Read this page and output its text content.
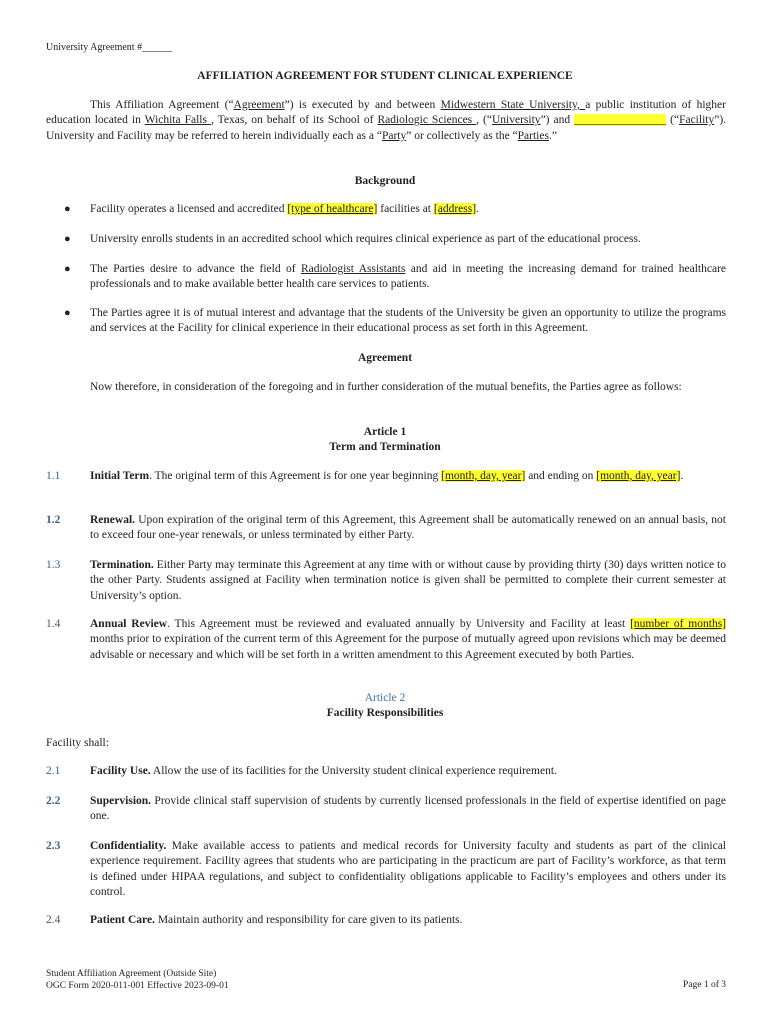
University Agreement #______
AFFILIATION AGREEMENT FOR STUDENT CLINICAL EXPERIENCE
This Affiliation Agreement (“Agreement”) is executed by and between Midwestern State University, a public institution of higher education located in Wichita Falls , Texas, on behalf of its School of Radiologic Sciences , (“University”) and ________________ (“Facility”). University and Facility may be referred to herein individually each as a “Party” or collectively as the “Parties.”
Background
● Facility operates a licensed and accredited [type of healthcare] facilities at [address].
● University enrolls students in an accredited school which requires clinical experience as part of the educational process.
● The Parties desire to advance the field of Radiologist Assistants and aid in meeting the increasing demand for trained healthcare professionals and to make available better health care services to patients.
● The Parties agree it is of mutual interest and advantage that the students of the University be given an opportunity to utilize the programs and services at the Facility for clinical experience in their educational process as set forth in this Agreement.
Agreement
Now therefore, in consideration of the foregoing and in further consideration of the mutual benefits, the Parties agree as follows:
Article 1
Term and Termination
1.1	Initial Term. The original term of this Agreement is for one year beginning [month, day, year] and ending on [month, day, year].
1.2	Renewal. Upon expiration of the original term of this Agreement, this Agreement shall be automatically renewed on an annual basis, not to exceed four one-year renewals, or unless terminated by either Party.
1.3	Termination. Either Party may terminate this Agreement at any time with or without cause by providing thirty (30) days written notice to the other Party. Students assigned at Facility when termination notice is given shall be permitted to complete their current semester at University’s option.
1.4	Annual Review. This Agreement must be reviewed and evaluated annually by University and Facility at least [number of months] months prior to expiration of the current term of this Agreement for the purpose of mutually agreed upon revisions which may be deemed advisable or necessary and which will be set forth in a written amendment to this Agreement executed by both Parties.
Article 2
Facility Responsibilities
Facility shall:
2.1	Facility Use. Allow the use of its facilities for the University student clinical experience requirement.
2.2	Supervision. Provide clinical staff supervision of students by currently licensed professionals in the field of expertise identified on page one.
2.3	Confidentiality. Make available access to patients and medical records for University faculty and students as part of the clinical experience requirement. Facility agrees that students who are participating in the practicum are part of Facility’s workforce, as that term is defined under HIPAA regulations, and subject to confidentiality obligations applicable to Facility’s employees and others under its control.
2.4	Patient Care. Maintain authority and responsibility for care given to its patients.
Student Affiliation Agreement (Outside Site)
OGC Form 2020-011-001 Effective 2023-09-01	Page 1 of 3
